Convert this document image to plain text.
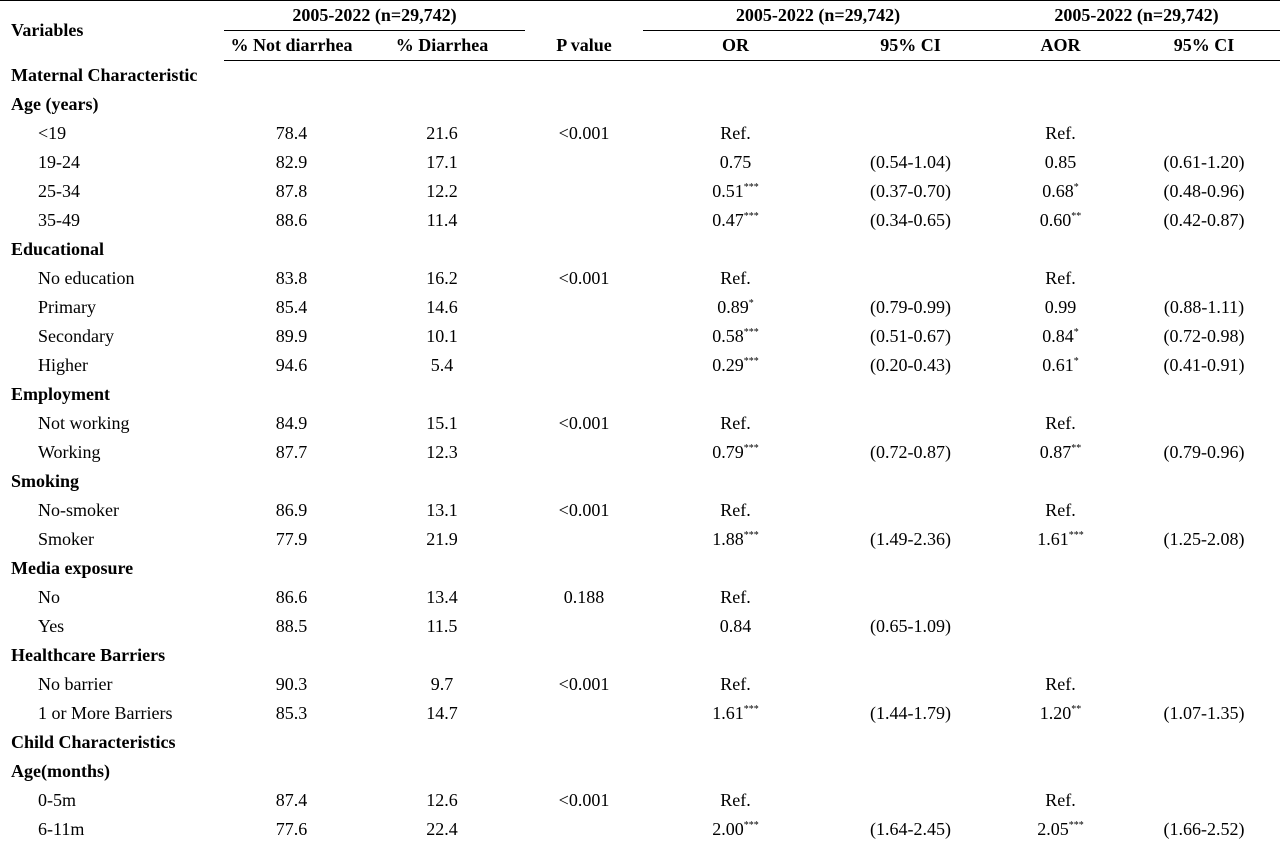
Variables	2005-2022 (n=29,742)			2005-2022 (n=29,742)		2005-2022 (n=29,742)	
	% Not diarrhea	% Diarrhea	P value	OR	95% CI	AOR	95% CI
Maternal Characteristic							
Age (years)							
<19	78.4	21.6	<0.001	Ref.		Ref.	
19-24	82.9	17.1		0.75	(0.54-1.04)	0.85	(0.61-1.20)
25-34	87.8	12.2		0.51***	(0.37-0.70)	0.68*	(0.48-0.96)
35-49	88.6	11.4		0.47***	(0.34-0.65)	0.60**	(0.42-0.87)
Educational							
No education	83.8	16.2	<0.001	Ref.		Ref.	
Primary	85.4	14.6		0.89*	(0.79-0.99)	0.99	(0.88-1.11)
Secondary	89.9	10.1		0.58***	(0.51-0.67)	0.84*	(0.72-0.98)
Higher	94.6	5.4		0.29***	(0.20-0.43)	0.61*	(0.41-0.91)
Employment							
Not working	84.9	15.1	<0.001	Ref.		Ref.	
Working	87.7	12.3		0.79***	(0.72-0.87)	0.87**	(0.79-0.96)
Smoking							
No-smoker	86.9	13.1	<0.001	Ref.		Ref.	
Smoker	77.9	21.9		1.88***	(1.49-2.36)	1.61***	(1.25-2.08)
Media exposure							
No	86.6	13.4	0.188	Ref.			
Yes	88.5	11.5		0.84	(0.65-1.09)		
Healthcare Barriers							
No barrier	90.3	9.7	<0.001	Ref.		Ref.	
1 or More Barriers	85.3	14.7		1.61***	(1.44-1.79)	1.20**	(1.07-1.35)
Child Characteristics							
Age(months)							
0-5m	87.4	12.6	<0.001	Ref.		Ref.	
6-11m	77.6	22.4		2.00***	(1.64-2.45)	2.05***	(1.66-2.52)
